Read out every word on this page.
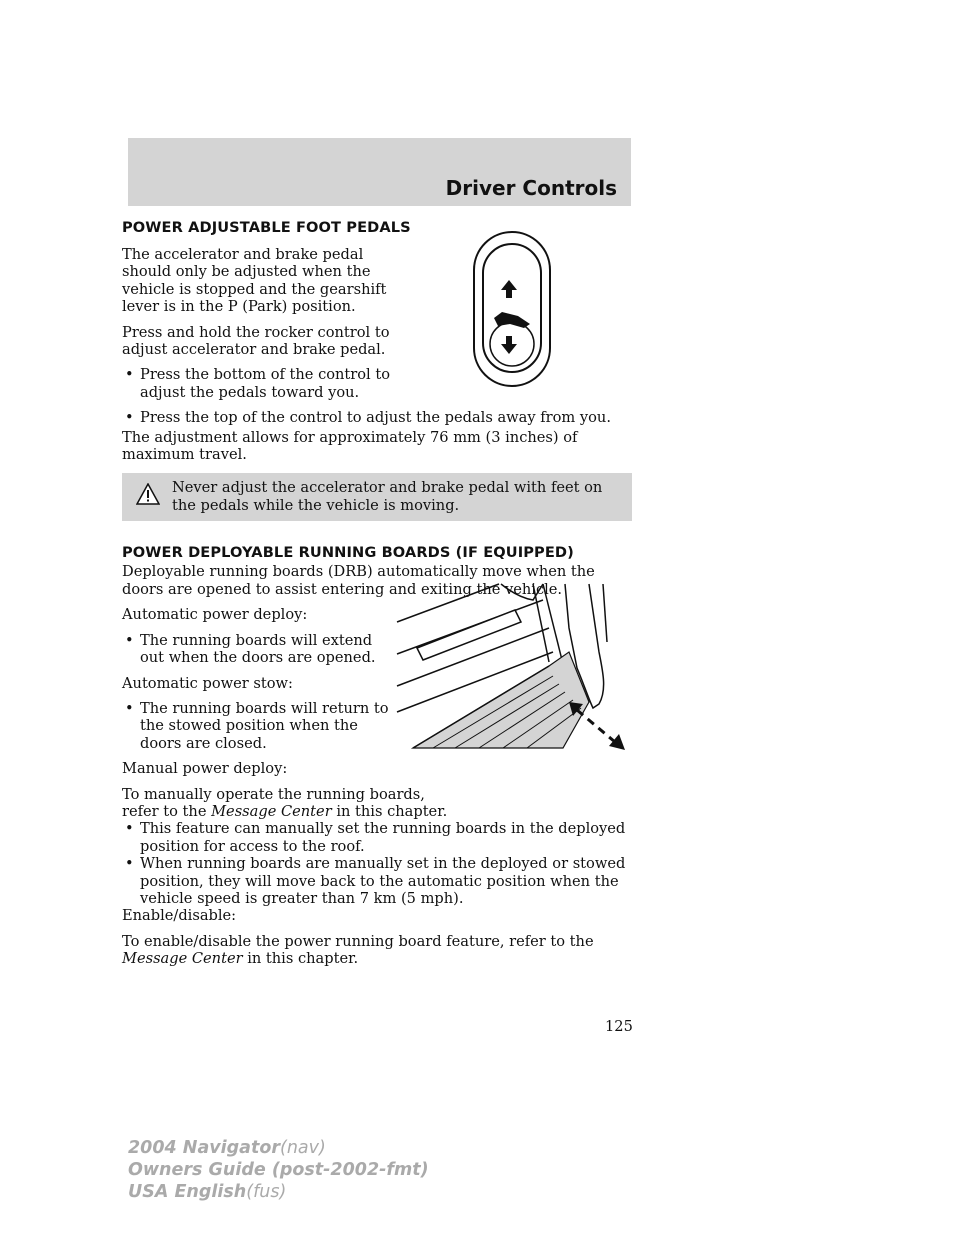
Driver Controls
POWER ADJUSTABLE FOOT PEDALS

The accelerator and brake pedal should only be adjusted when the vehicle is stopped and the gearshift lever is in the P (Park) position.

Press and hold the rocker control to adjust accelerator and brake pedal.

• Press the bottom of the control to adjust the pedals toward you.
• Press the top of the control to adjust the pedals away from you.

The adjustment allows for approximately 76 mm (3 inches) of maximum travel.

Never adjust the accelerator and brake pedal with feet on the pedals while the vehicle is moving.

POWER DEPLOYABLE RUNNING BOARDS (IF EQUIPPED)

Deployable running boards (DRB) automatically move when the doors are opened to assist entering and exiting the vehicle.

Automatic power deploy:

• The running boards will extend out when the doors are opened.

Automatic power stow:

• The running boards will return to the stowed position when the doors are closed.

Manual power deploy:

To manually operate the running boards, refer to the Message Center in this chapter.

• This feature can manually set the running boards in the deployed position for access to the roof.
• When running boards are manually set in the deployed or stowed position, they will move back to the automatic position when the vehicle speed is greater than 7 km (5 mph).

Enable/disable:

To enable/disable the power running board feature, refer to the Message Center in this chapter.

125
2004 Navigator(nav)
Owners Guide (post-2002-fmt)
USA English(fus)
